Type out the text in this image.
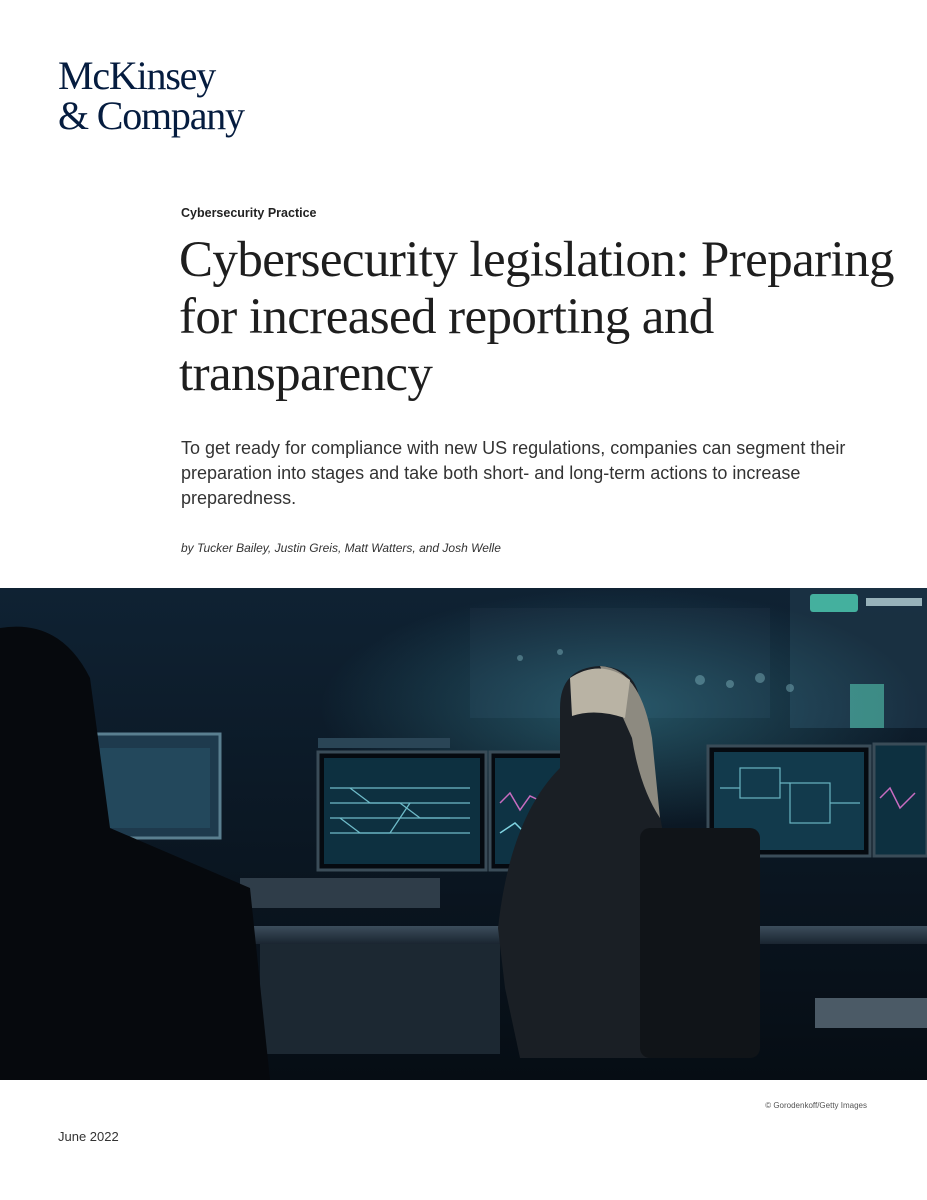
McKinsey
& Company
Cybersecurity Practice
Cybersecurity legislation: Preparing for increased reporting and transparency

To get ready for compliance with new US regulations, companies can segment their preparation into stages and take both short- and long-term actions to increase preparedness.

by Tucker Bailey, Justin Greis, Matt Watters, and Josh Welle
© Gorodenkoff/Getty Images
June 2022
